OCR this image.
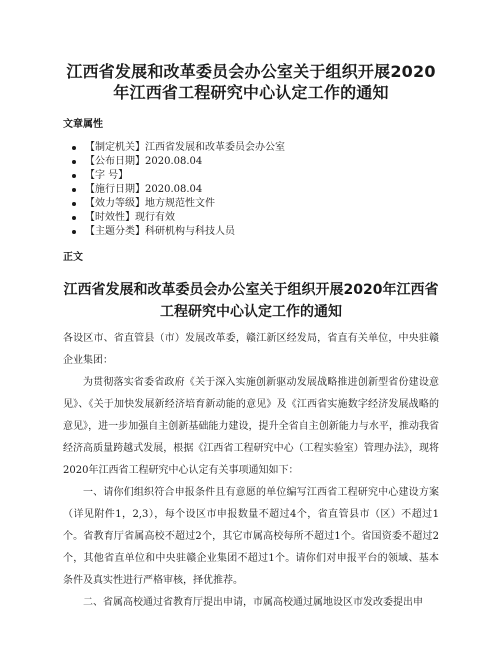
江西省发展和改革委员会办公室关于组织开展2020年江西省工程研究中心认定工作的通知
文章属性
【制定机关】江西省发展和改革委员会办公室
【公布日期】2020.08.04
【字 号】
【施行日期】2020.08.04
【效力等级】地方规范性文件
【时效性】现行有效
【主题分类】科研机构与科技人员
正文
江西省发展和改革委员会办公室关于组织开展2020年江西省工程研究中心认定工作的通知

各设区市、省直管县（市）发展改革委，赣江新区经发局，省直有关单位，中央驻赣企业集团：

为贯彻落实省委省政府《关于深入实施创新驱动发展战略推进创新型省份建设意见》、《关于加快发展新经济培育新动能的意见》及《江西省实施数字经济发展战略的意见》，进一步加强自主创新基础能力建设，提升全省自主创新能力与水平，推动我省经济高质量跨越式发展，根据《江西省工程研究中心（工程实验室）管理办法》，现将2020年江西省工程研究中心认定有关事项通知如下：

一、请你们组织符合申报条件且有意愿的单位编写江西省工程研究中心建设方案（详见附件1，2,3），每个设区市申报数量不超过4个，省直管县市（区）不超过1个。省教育厅省属高校不超过2个，其它市属高校每所不超过1个。省国资委不超过2个，其他省直单位和中央驻赣企业集团不超过1个。请你们对申报平台的领域、基本条件及真实性进行严格审核，择优推荐。

二、省属高校通过省教育厅提出申请，市属高校通过属地设区市发改委提出申
